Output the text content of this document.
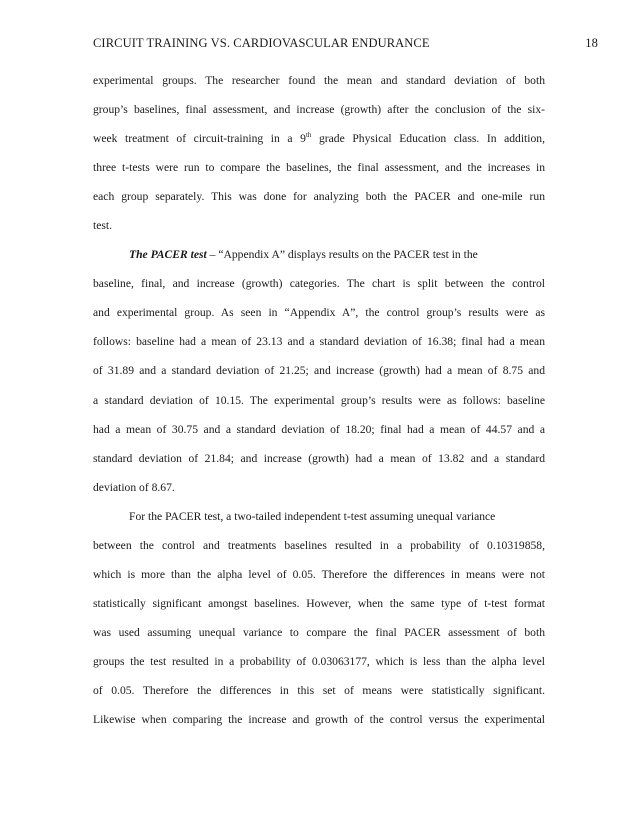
CIRCUIT TRAINING VS. CARDIOVASCULAR ENDURANCE	18
experimental groups. The researcher found the mean and standard deviation of both
group’s baselines, final assessment, and increase (growth) after the conclusion of the six-
week treatment of circuit-training in a 9th grade Physical Education class. In addition,
three t-tests were run to compare the baselines, the final assessment, and the increases in
each group separately. This was done for analyzing both the PACER and one-mile run
test.
The PACER test – “Appendix A” displays results on the PACER test in the
baseline, final, and increase (growth) categories. The chart is split between the control
and experimental group. As seen in “Appendix A”, the control group’s results were as
follows: baseline had a mean of 23.13 and a standard deviation of 16.38; final had a mean
of 31.89 and a standard deviation of 21.25; and increase (growth) had a mean of 8.75 and
a standard deviation of 10.15. The experimental group’s results were as follows: baseline
had a mean of 30.75 and a standard deviation of 18.20; final had a mean of 44.57 and a
standard deviation of 21.84; and increase (growth) had a mean of 13.82 and a standard
deviation of 8.67.
For the PACER test, a two-tailed independent t-test assuming unequal variance
between the control and treatments baselines resulted in a probability of 0.10319858,
which is more than the alpha level of 0.05. Therefore the differences in means were not
statistically significant amongst baselines. However, when the same type of t-test format
was used assuming unequal variance to compare the final PACER assessment of both
groups the test resulted in a probability of 0.03063177, which is less than the alpha level
of 0.05. Therefore the differences in this set of means were statistically significant.
Likewise when comparing the increase and growth of the control versus the experimental
